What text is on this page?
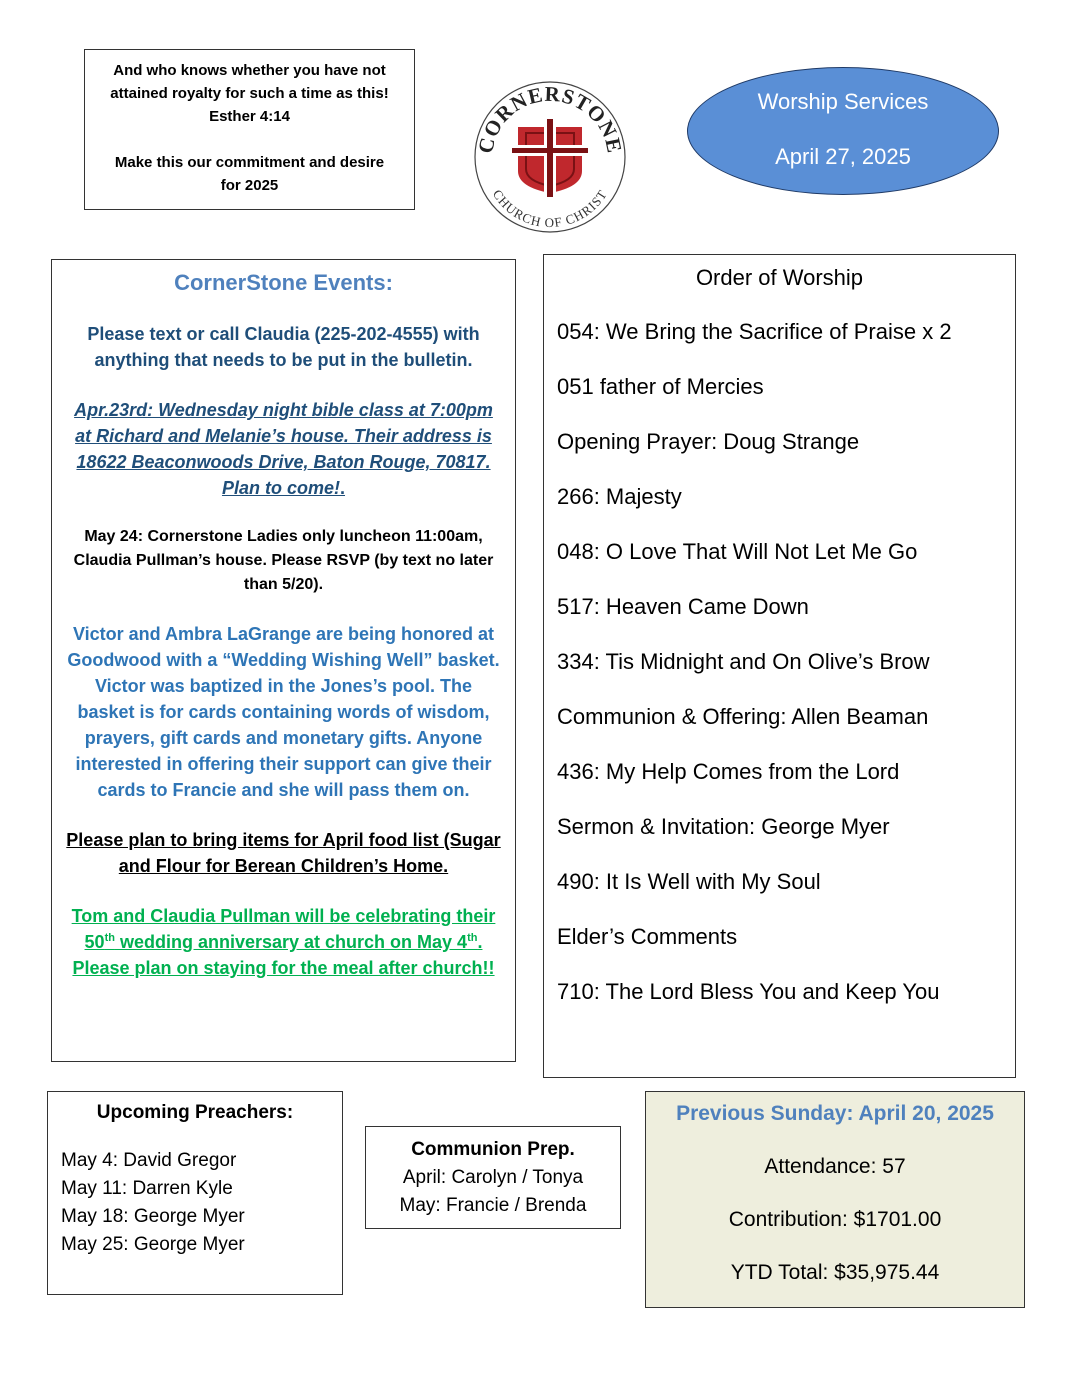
And who knows whether you have not

attained royalty for such a time as this!

Esther 4:14

Make this our commitment and desire

for 2025

CORNERSTONE
CHURCH OF CHRIST
Worship Services
April 27, 2025
CornerStone Events:
Please text or call Claudia (225-202-4555) with anything that needs to be put in the bulletin.
Apr.23rd: Wednesday night bible class at 7:00pm at Richard and Melanie’s house. Their address is 18622 Beaconwoods Drive, Baton Rouge, 70817. Plan to come!.
May 24: Cornerstone Ladies only luncheon 11:00am, Claudia Pullman’s house. Please RSVP (by text no later than 5/20).
Victor and Ambra LaGrange are being honored at Goodwood with a “Wedding Wishing Well” basket. Victor was baptized in the Jones’s pool. The basket is for cards containing words of wisdom, prayers, gift cards and monetary gifts. Anyone interested in offering their support can give their cards to Francie and she will pass them on.
Please plan to bring items for April food list (Sugar and Flour for Berean Children’s Home.
Tom and Claudia Pullman will be celebrating their 50th wedding anniversary at church on May 4th. Please plan on staying for the meal after church!!
Order of Worship
054: We Bring the Sacrifice of Praise x 2
051 father of Mercies
Opening Prayer: Doug Strange
266: Majesty
048: O Love That Will Not Let Me Go
517: Heaven Came Down
334: Tis Midnight and On Olive’s Brow
Communion & Offering: Allen Beaman
436: My Help Comes from the Lord
Sermon & Invitation: George Myer
490: It Is Well with My Soul
Elder’s Comments
710: The Lord Bless You and Keep You
Upcoming Preachers:
May 4: David Gregor
May 11: Darren Kyle
May 18: George Myer
May 25: George Myer
Communion Prep.
April: Carolyn / Tonya
May: Francie / Brenda
Previous Sunday: April 20, 2025
Attendance: 57
Contribution: $1701.00
YTD Total: $35,975.44
